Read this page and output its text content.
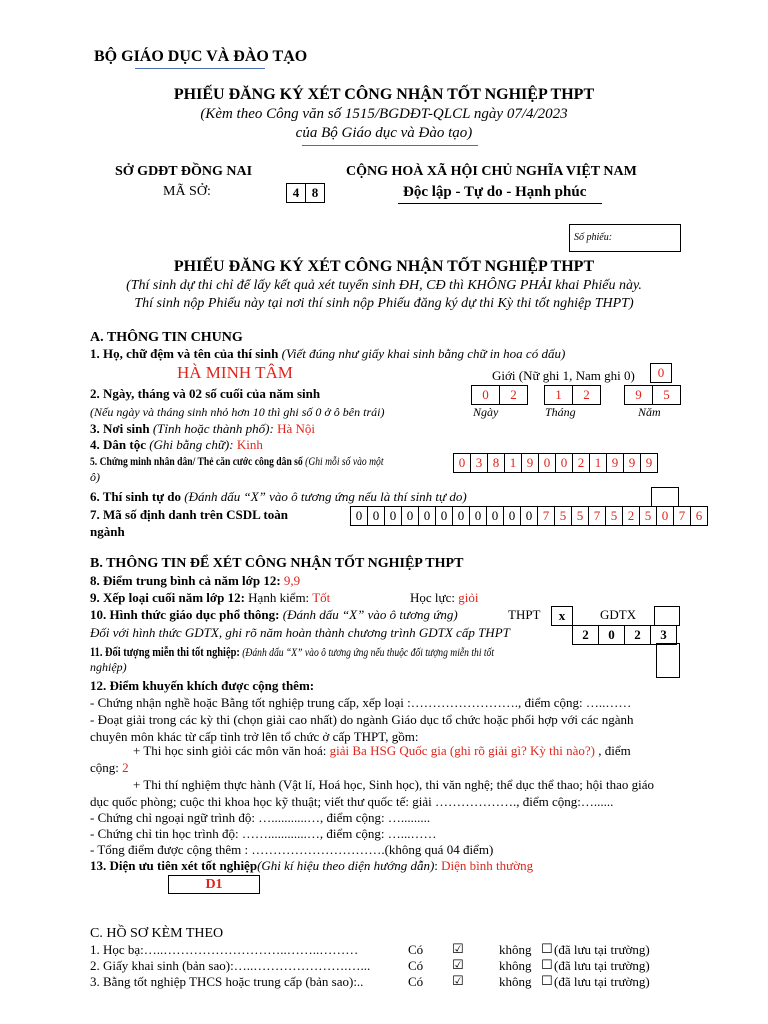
BỘ GIÁO DỤC VÀ ĐÀO TẠO
PHIẾU ĐĂNG KÝ XÉT CÔNG NHẬN TỐT NGHIỆP THPT
(Kèm theo Công văn số 1515/BGDĐT-QLCL ngày 07/4/2023
của Bộ Giáo dục và Đào tạo)
SỞ GDĐT ĐỒNG NAI
MÃ SỞ:	4 8
CỘNG HOÀ XÃ HỘI CHỦ NGHĨA VIỆT NAM
Độc lập - Tự do - Hạnh phúc
Số phiếu:
PHIẾU ĐĂNG KÝ XÉT CÔNG NHẬN TỐT NGHIỆP THPT
(Thí sinh dự thi chỉ để lấy kết quả xét tuyển sinh ĐH, CĐ thì KHÔNG PHẢI khai Phiếu này.
Thí sinh nộp Phiếu này tại nơi thí sinh nộp Phiếu đăng ký dự thi Kỳ thi tốt nghiệp THPT)
A. THÔNG TIN CHUNG
1. Họ, chữ đệm và tên của thí sinh (Viết đúng như giấy khai sinh bằng chữ in hoa có dấu)
HÀ MINH TÂM	Giới (Nữ ghi 1, Nam ghi 0)	0
2. Ngày, tháng và 02 số cuối của năm sinh	0	2	1	2	9	5
(Nếu ngày và tháng sinh nhỏ hơn 10 thì ghi số 0 ở ô bên trái)	Ngày	Tháng	Năm
3. Nơi sinh (Tỉnh hoặc thành phố): Hà Nội
4. Dân tộc (Ghi bằng chữ): Kinh
5. Chứng minh nhân dân/ Thẻ căn cước công dân số (Ghi mỗi số vào một
ô)
0 3 8 1 9 0 0 2 1 9 9 9
6. Thí sinh tự do (Đánh dấu “X” vào ô tương ứng nếu là thí sinh tự do)
7. Mã số định danh trên CSDL toàn
ngành
0 0 0 0 0 0 0 0 0 0 0 7 5 5 7 5 2 5 0 7 6
B. THÔNG TIN ĐỂ XÉT CÔNG NHẬN TỐT NGHIỆP THPT
8. Điểm trung bình cả năm lớp 12: 9,9
9. Xếp loại cuối năm lớp 12: Hạnh kiểm: Tốt	Học lực: giỏi
10. Hình thức giáo dục phổ thông: (Đánh dấu “X” vào ô tương ứng)	THPT	x	GDTX
Đối với hình thức GDTX, ghi rõ năm hoàn thành chương trình GDTX cấp THPT	2	0	2	3
11. Đối tượng miễn thi tốt nghiệp: (Đánh dấu “X” vào ô tương ứng nếu thuộc đối tượng miễn thi tốt
nghiệp)
12. Điểm khuyến khích được cộng thêm:
- Chứng nhận nghề hoặc Bằng tốt nghiệp trung cấp, xếp loại :……………………., điểm cộng: …..……
- Đoạt giải trong các kỳ thi (chọn giải cao nhất) do ngành Giáo dục tổ chức hoặc phối hợp với các ngành
chuyên môn khác từ cấp tỉnh trở lên tổ chức ở cấp THPT, gồm:
+ Thi học sinh giỏi các môn văn hoá: giải Ba HSG Quốc gia (ghi rõ giải gì? Kỳ thi nào?) , điểm
cộng: 2
+ Thi thí nghiệm thực hành (Vật lí, Hoá học, Sinh học), thi văn nghệ; thể dục thể thao; hội thao giáo
dục quốc phòng; cuộc thi khoa học kỹ thuật; viết thư quốc tế: giải ………………., điểm cộng:…......
- Chứng chỉ ngoại ngữ trình độ: …...........…, điểm cộng: ….........
- Chứng chỉ tin học trình độ: ……............…, điểm cộng: …...……
- Tổng điểm được cộng thêm : ………………………….(không quá 04 điểm)
13. Diện ưu tiên xét tốt nghiệp(Ghi kí hiệu theo diện hướng dẫn): Diện bình thường
D1
C. HỒ SƠ KÈM THEO
1. Học bạ:…..………………………..……..………	Có ☑	không ☐ (đã lưu tại trường)
2. Giấy khai sinh (bản sao):…..………………….…...	Có ☑	không ☐ (đã lưu tại trường)
3. Bằng tốt nghiệp THCS hoặc trung cấp (bản sao):..	Có ☑	không ☐ (đã lưu tại trường)
